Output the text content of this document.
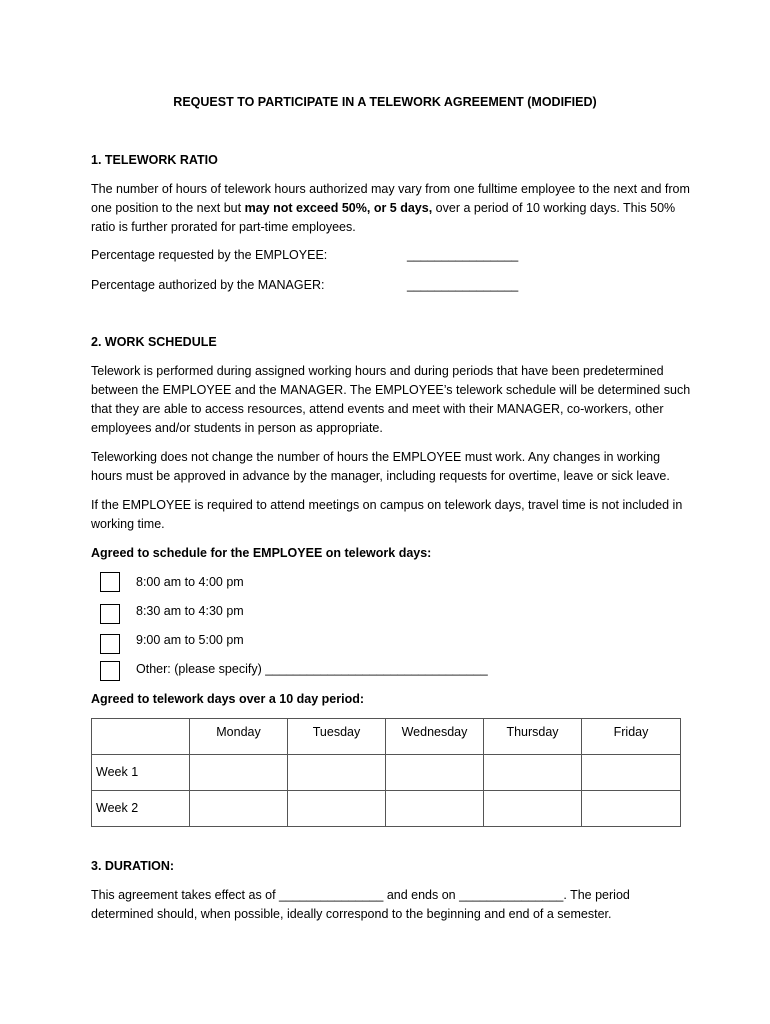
REQUEST TO PARTICIPATE IN A TELEWORK AGREEMENT (MODIFIED)
1. TELEWORK RATIO
The number of hours of telework hours authorized may vary from one fulltime employee to the next and from one position to the next but may not exceed 50%, or 5 days, over a period of 10 working days. This 50% ratio is further prorated for part-time employees.
Percentage requested by the EMPLOYEE:	________________
Percentage authorized by the MANAGER:	________________
2. WORK SCHEDULE
Telework is performed during assigned working hours and during periods that have been predetermined between the EMPLOYEE and the MANAGER. The EMPLOYEE’s telework schedule will be determined such that they are able to access resources, attend events and meet with their MANAGER, co-workers, other employees and/or students in person as appropriate.
Teleworking does not change the number of hours the EMPLOYEE must work. Any changes in working hours must be approved in advance by the manager, including requests for overtime, leave or sick leave.
If the EMPLOYEE is required to attend meetings on campus on telework days, travel time is not included in working time.
Agreed to schedule for the EMPLOYEE on telework days:
8:00 am to 4:00 pm
8:30 am to 4:30 pm
9:00 am to 5:00 pm
Other: (please specify) ________________________________
Agreed to telework days over a 10 day period:
	Monday	Tuesday	Wednesday	Thursday	Friday
Week 1					
Week 2					
3. DURATION:
This agreement takes effect as of _______________ and ends on _______________. The period determined should, when possible, ideally correspond to the beginning and end of a semester.
